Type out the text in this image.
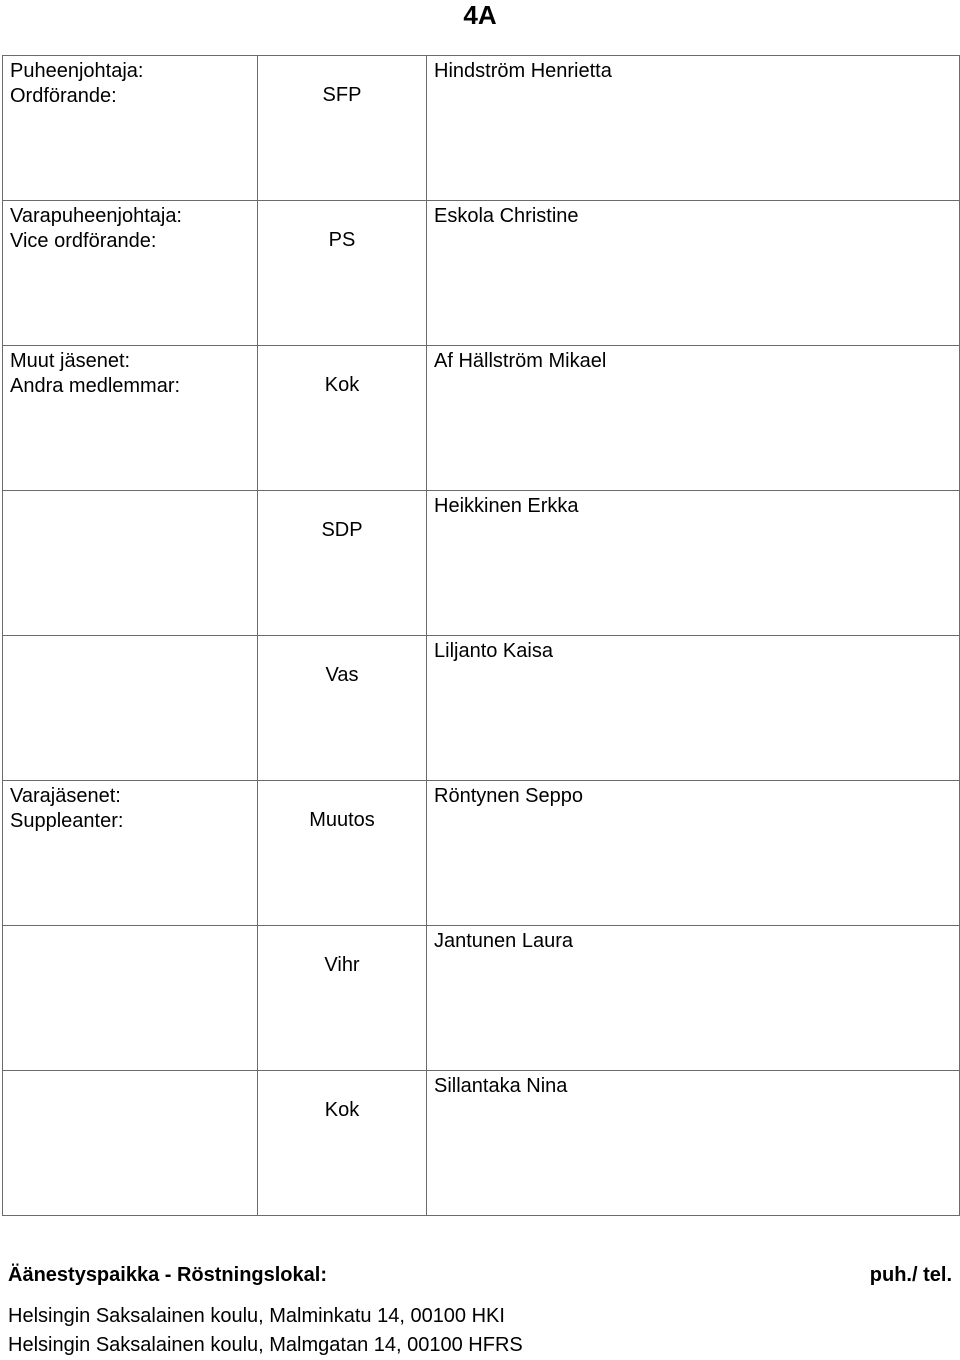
4A
Puheenjohtaja:
Ordförande:	SFP	Hindström Henrietta

Varapuheenjohtaja:
Vice ordförande:	PS	Eskola Christine

Muut jäsenet:
Andra medlemmar:	Kok	Af Hällström Mikael

	SDP	Heikkinen Erkka

	Vas	Liljanto Kaisa

Varajäsenet:
Suppleanter:	Muutos	Röntynen Seppo

	Vihr	Jantunen Laura

	Kok	Sillantaka Nina
Äänestyspaikka - Röstningslokal:	puh./ tel.
Helsingin Saksalainen koulu, Malminkatu 14, 00100 HKI
Helsingin Saksalainen koulu, Malmgatan 14, 00100 HFRS
